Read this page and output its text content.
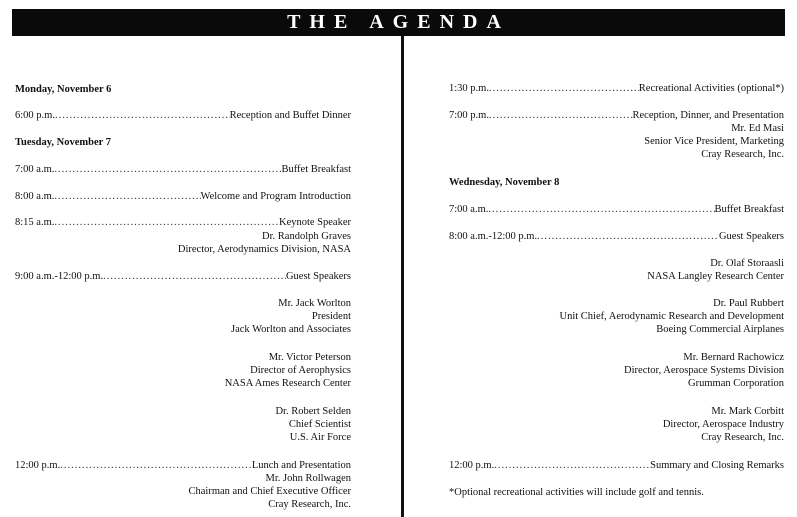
THE AGENDA
Monday, November 6
6:00 p.m. .....	Reception and Buffet Dinner
Tuesday, November 7
7:00 a.m. .....	Buffet Breakfast
8:00 a.m. .....	Welcome and Program Introduction
8:15 a.m. .....	Keynote Speaker
Dr. Randolph Graves
Director, Aerodynamics Division, NASA
9:00 a.m.-12:00 p.m. .....	Guest Speakers
Mr. Jack Worlton
President
Jack Worlton and Associates
Mr. Victor Peterson
Director of Aerophysics
NASA Ames Research Center
Dr. Robert Selden
Chief Scientist
U.S. Air Force
12:00 p.m. .....	Lunch and Presentation
Mr. John Rollwagen
Chairman and Chief Executive Officer
Cray Research, Inc.
1:30 p.m. .....	Recreational Activities (optional*)
7:00 p.m. .....	Reception, Dinner, and Presentation
Mr. Ed Masi
Senior Vice President, Marketing
Cray Research, Inc.
Wednesday, November 8
7:00 a.m. .....	Buffet Breakfast
8:00 a.m.-12:00 p.m. .....	Guest Speakers
Dr. Olaf Storaasli
NASA Langley Research Center
Dr. Paul Rubbert
Unit Chief, Aerodynamic Research and Development
Boeing Commercial Airplanes
Mr. Bernard Rachowicz
Director, Aerospace Systems Division
Grumman Corporation
Mr. Mark Corbitt
Director, Aerospace Industry
Cray Research, Inc.
12:00 p.m. .....	Summary and Closing Remarks
*Optional recreational activities will include golf and tennis.
